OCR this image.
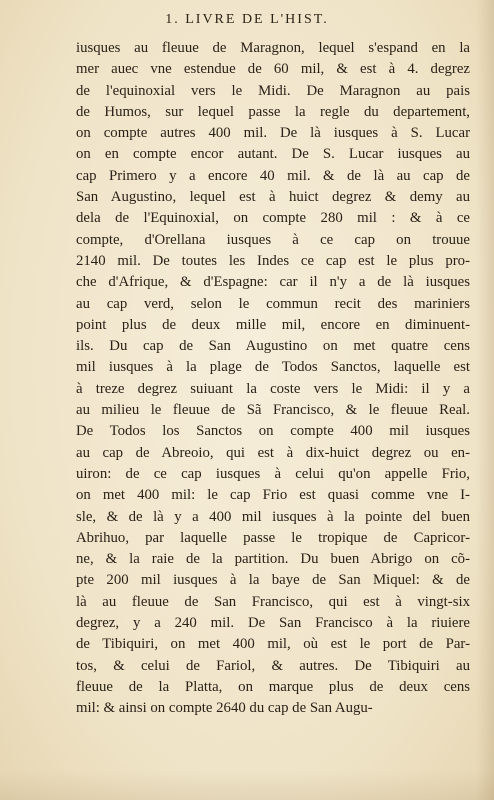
1. LIVRE DE L'HIST.
iusques au fleuue de Maragnon, lequel s'espand en la
mer auec vne estendue de 60 mil, & est à 4. degrez
de l'equinoxial vers le Midi. De Maragnon au pais
de Humos, sur lequel passe la regle du departement,
on compte autres 400 mil. De là iusques à S. Lucar
on en compte encor autant. De S. Lucar iusques au
cap Primero y a encore 40 mil. & de là au cap de
San Augustino, lequel est à huict degrez & demy au
dela de l'Equinoxial, on compte 280 mil : & à ce
compte, d'Orellana iusques à ce cap on trouue
2140 mil. De toutes les Indes ce cap est le plus pro-
che d'Afrique, & d'Espagne: car il n'y a de là iusques
au cap verd, selon le commun recit des mariniers
point plus de deux mille mil, encore en diminuent-
ils. Du cap de San Augustino on met quatre cens
mil iusques à la plage de Todos Sanctos, laquelle est
à treze degrez suiuant la coste vers le Midi: il y a
au milieu le fleuue de Sã Francisco, & le fleuue Real.
De Todos los Sanctos on compte 400 mil iusques
au cap de Abreoio, qui est à dix-huict degrez ou en-
uiron: de ce cap iusques à celui qu'on appelle Frio,
on met 400 mil: le cap Frio est quasi comme vne I-
sle, & de là y a 400 mil iusques à la pointe del buen
Abrihuo, par laquelle passe le tropique de Capricor-
ne, & la raie de la partition. Du buen Abrigo on cõ-
pte 200 mil iusques à la baye de San Miquel: & de
là au fleuue de San Francisco, qui est à vingt-six
degrez, y a 240 mil. De San Francisco à la riuiere
de Tibiquiri, on met 400 mil, où est le port de Par-
tos, & celui de Fariol, & autres. De Tibiquiri au
fleuue de la Platta, on marque plus de deux cens
mil: & ainsi on compte 2640 du cap de San Augu-
